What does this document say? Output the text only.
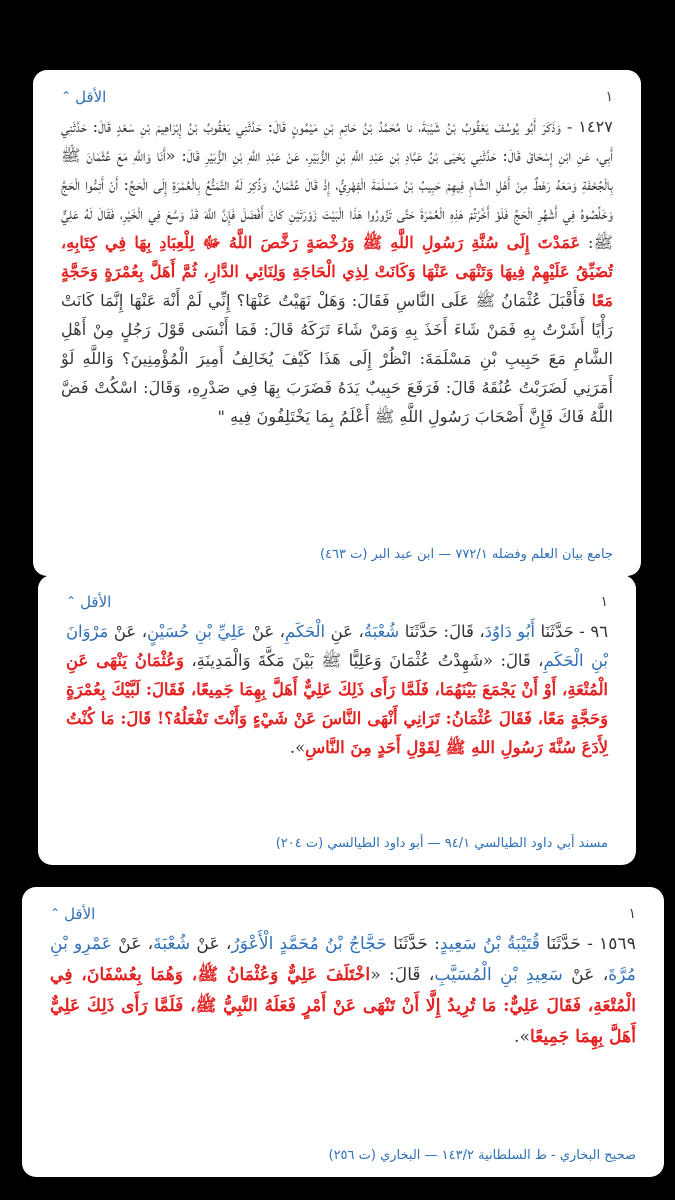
١
الأقل
⌃
١٤٢٧ - وَذَكَرَ أَبُو يُوسُفَ يَعْقُوبُ بْنُ شَيْبَةَ، نا مُحَمَّدُ بْنُ حَاتِمِ بْنِ مَيْمُونٍ قَالَ: حَدَّثَنِي يَعْقُوبُ بْنُ إِبْرَاهِيمَ بْنِ سَعْدٍ قَالَ: حَدَّثَنِي أَبِي، عَنِ ابْنِ إِسْحَاقَ قَالَ: حَدَّثَنِي يَحْيَى بْنُ عَبَّادِ بْنِ عَبْدِ اللَّهِ بْنِ الزُّبَيْرِ، عَنْ عَبْدِ اللَّهِ بْنِ الزُّبَيْرِ قَالَ: «أَنَا وَاللَّهِ مَعَ عُثْمَانَ ﷺ بِالْجُحْفَةِ وَمَعَهُ رَهْطٌ مِنْ أَهْلِ الشَّامِ فِيهِمْ حَبِيبُ بْنُ مَسْلَمَةَ الْفِهْرِيُّ، إِذْ قَالَ عُثْمَانُ، وَذُكِرَ لَهُ التَّمَتُّعُ بِالْعُمْرَةِ إِلَى الْحَجِّ: أَنْ أَتِمُّوا الْحَجَّ وَخَلِّصُوهُ فِي أَشْهُرِ الْحَجِّ فَلَوْ أَخَّرْتُمْ هَذِهِ الْعُمْرَةَ حَتَّى تَزُورُوا هَذَا الْبَيْتَ زَوْرَتَيْنِ كَانَ أَفْضَلَ فَإِنَّ اللَّهَ قَدْ وَسَّعَ فِي الْخَيْرِ، فَقَالَ لَهُ عَلِيٌّ ﷺ: عَمَدْتَ إِلَى سُنَّةِ رَسُولِ اللَّهِ ﷺ وَرُخْصَةٍ رَخَّصَ اللَّهُ ﷻ لِلْعِبَادِ بِهَا فِي كِتَابِهِ، تُضَيِّقُ عَلَيْهِمْ فِيهَا وَتَنْهَى عَنْهَا وَكَانَتْ لِذِي الْحَاجَةِ وَلِنَائِي الدَّارِ، ثُمَّ أَهَلَّ بِعُمْرَةٍ وَحَجَّةٍ مَعًا فَأَقْبَلَ عُثْمَانُ ﷺ عَلَى النَّاسِ فَقَالَ: وَهَلْ نَهَيْتُ عَنْهَا؟ إِنِّي لَمْ أَنْهَ عَنْهَا إِنَّمَا كَانَتْ رَأْيًا أَشَرْتُ بِهِ فَمَنْ شَاءَ أَخَذَ بِهِ وَمَنْ شَاءَ تَرَكَهُ قَالَ: فَمَا أَنْسَى قَوْلَ رَجُلٍ مِنْ أَهْلِ الشَّامِ مَعَ حَبِيبِ بْنِ مَسْلَمَةَ: انْظُرْ إِلَى هَذَا كَيْفَ يُخَالِفُ أَمِيرَ الْمُؤْمِنِينَ؟ وَاللَّهِ لَوْ أَمَرَنِي لَضَرَبْتُ عُنُقَهُ قَالَ: فَرَفَعَ حَبِيبٌ يَدَهُ فَضَرَبَ بِهَا فِي صَدْرِهِ، وَقَالَ: اسْكُتْ فَضَّ اللَّهُ فَاكَ فَإِنَّ أَصْحَابَ رَسُولِ اللَّهِ ﷺ أَعْلَمُ بِمَا يَخْتَلِفُونَ فِيهِ "
جامع بيان العلم وفضله ٧٧٢/١ — ابن عبد البر (ت ٤٦٣)
١
الأقل
⌃
٩٦ - حَدَّثَنَا أَبُو دَاوُدَ، قَالَ: حَدَّثَنَا شُعْبَةُ، عَنِ الْحَكَمِ، عَنْ عَلِيِّ بْنِ حُسَيْنٍ، عَنْ مَرْوَانَ بْنِ الْحَكَمِ، قَالَ: «شَهِدْتُ عُثْمَانَ وَعَلِيًّا ﷺ بَيْنَ مَكَّةَ وَالْمَدِينَةِ، وَعُثْمَانُ يَنْهَى عَنِ الْمُتْعَةِ، أَوْ أَنْ يَجْمَعَ بَيْنَهُمَا، فَلَمَّا رَأَى ذَلِكَ عَلِيٌّ أَهَلَّ بِهِمَا جَمِيعًا، فَقَالَ: لَبَّيْكَ بِعُمْرَةٍ وَحَجَّةٍ مَعًا، فَقَالَ عُثْمَانُ: تَرَانِي أَنْهَى النَّاسَ عَنْ شَيْءٍ وَأَنْتَ تَفْعَلُهُ؟! قَالَ: مَا كُنْتُ لِأَدَعَ سُنَّةَ رَسُولِ اللهِ ﷺ لِقَوْلِ أَحَدٍ مِنَ النَّاسِ».
مسند أبي داود الطيالسي ٩٤/١ — أبو داود الطيالسي (ت ٢٠٤)
١
الأقل
⌃
١٥٦٩ - حَدَّثَنَا قُتَيْبَةُ بْنُ سَعِيدٍ: حَدَّثَنَا حَجَّاجُ بْنُ مُحَمَّدٍ الْأَعْوَرُ، عَنْ شُعْبَةَ، عَنْ عَمْرِو بْنِ مُرَّةَ، عَنْ سَعِيدِ بْنِ الْمُسَيَّبِ، قَالَ: «اخْتَلَفَ عَلِيٌّ وَعُثْمَانُ ﷺ، وَهُمَا بِعُسْفَانَ، فِي الْمُتْعَةِ، فَقَالَ عَلِيٌّ: مَا تُرِيدُ إِلَّا أَنْ تَنْهَى عَنْ أَمْرٍ فَعَلَهُ النَّبِيُّ ﷺ، فَلَمَّا رَأَى ذَلِكَ عَلِيٌّ أَهَلَّ بِهِمَا جَمِيعًا».
صحيح البخاري - ط السلطانية ١٤٣/٢ — البخاري (ت ٢٥٦)
